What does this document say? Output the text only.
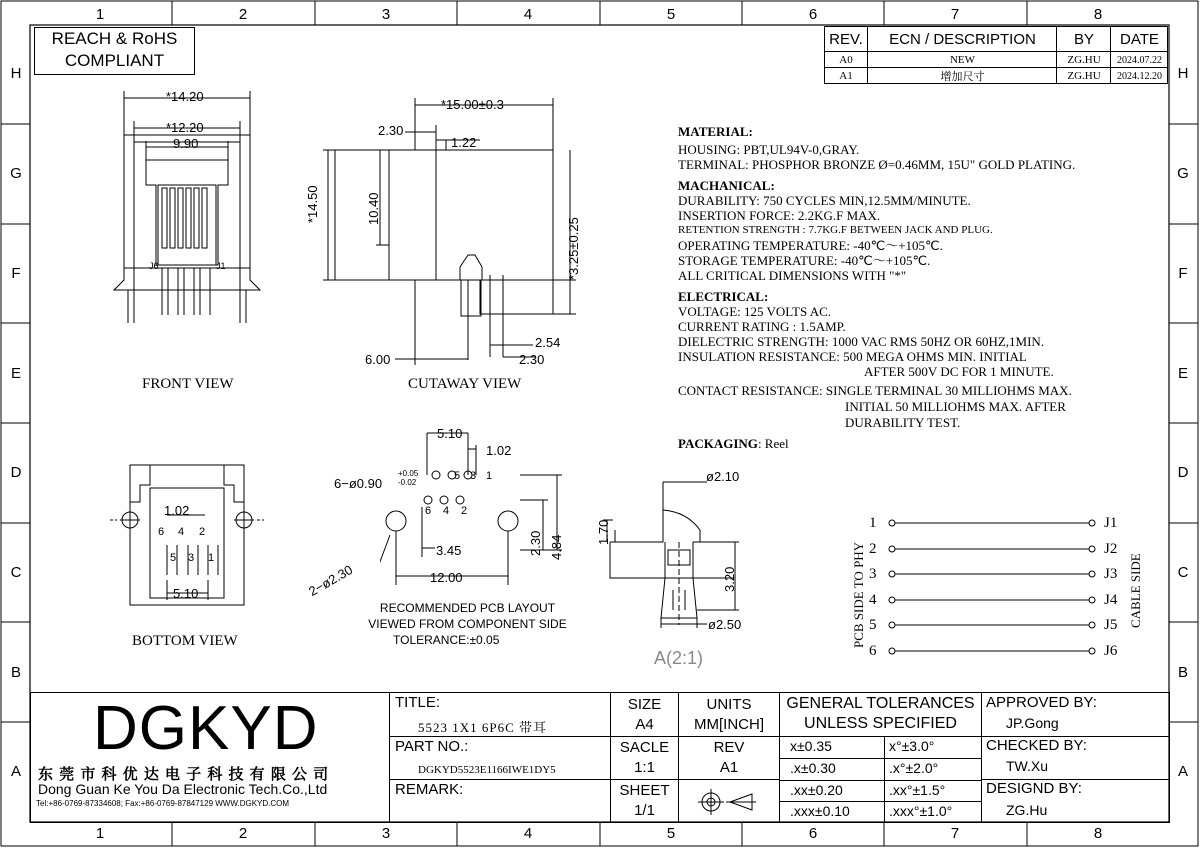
1	2	3	4	5	6	7	8
1	2	3	4	5	6	7	8
H
G
F
E
D
C
B
A
H
G
F
E
D
C
B
A
REACH & RoHS
COMPLIANT
REV.	ECN / DESCRIPTION	BY	DATE
A0	NEW	ZG.HU	2024.07.22
A1	增加尺寸	ZG.HU	2024.12.20
*14.20
*12.20
9.90
J6	J1
FRONT VIEW
*15.00±0.3
2.30
1.22
*14.50	10.40
*3.25±0.25
2.54
6.00	2.30
CUTAWAY VIEW
1.02
6 4 2
5 3 1
5.10
BOTTOM VIEW
5.10
1.02
6−ø0.90
+0.05
-0.02
5 3 1
6 4 2
2−ø2.30
3.45
12.00
2.30 4.84
RECOMMENDED PCB LAYOUT
VIEWED FROM COMPONENT SIDE
TOLERANCE:±0.05
ø2.10
1.70
3.20
ø2.50
A(2:1)
MATERIAL:
HOUSING: PBT,UL94V-0,GRAY.
TERMINAL: PHOSPHOR BRONZE Ø=0.46MM, 15U" GOLD PLATING.
MACHANICAL:
DURABILITY: 750 CYCLES MIN,12.5MM/MINUTE.
INSERTION FORCE: 2.2KG.F MAX.
RETENTION STRENGTH : 7.7KG.F BETWEEN JACK AND PLUG.
OPERATING TEMPERATURE: -40℃～+105℃.
STORAGE TEMPERATURE: -40℃～+105℃.
ALL CRITICAL DIMENSIONS WITH "*"
ELECTRICAL:
VOLTAGE: 125 VOLTS AC.
CURRENT RATING : 1.5AMP.
DIELECTRIC STRENGTH: 1000 VAC RMS 50HZ OR 60HZ,1MIN.
INSULATION RESISTANCE: 500 MEGA OHMS MIN. INITIAL
AFTER 500V DC FOR 1 MINUTE.
CONTACT RESISTANCE: SINGLE TERMINAL 30 MILLIOHMS MAX.
INITIAL 50 MILLIOHMS MAX. AFTER
DURABILITY TEST.
PACKAGING: Reel
1
2
3
4
5
6
J1
J2
J3
J4
J5
J6
PCB SIDE TO PHY	CABLE SIDE
DGKYD
东 莞 市 科 优 达 电 子 科 技 有 限 公 司
Dong Guan Ke You Da Electronic Tech.Co.,Ltd
Tel:+86-0769-87334608; Fax:+86-0769-87847129 WWW.DGKYD.COM
TITLE:
5523 1X1 6P6C 带耳
PART NO.:
DGKYD5523E1166IWE1DY5
REMARK:
SIZE
A4
UNITS
MM[INCH]
SACLE
1:1
REV
A1
SHEET
1/1
GENERAL TOLERANCES
UNLESS SPECIFIED
x±0.35	x°±3.0°
.x±0.30	.x°±2.0°
.xx±0.20	.xx°±1.5°
.xxx±0.10	.xxx°±1.0°
APPROVED BY:
JP.Gong
CHECKED BY:
TW.Xu
DESIGND BY:
ZG.Hu
